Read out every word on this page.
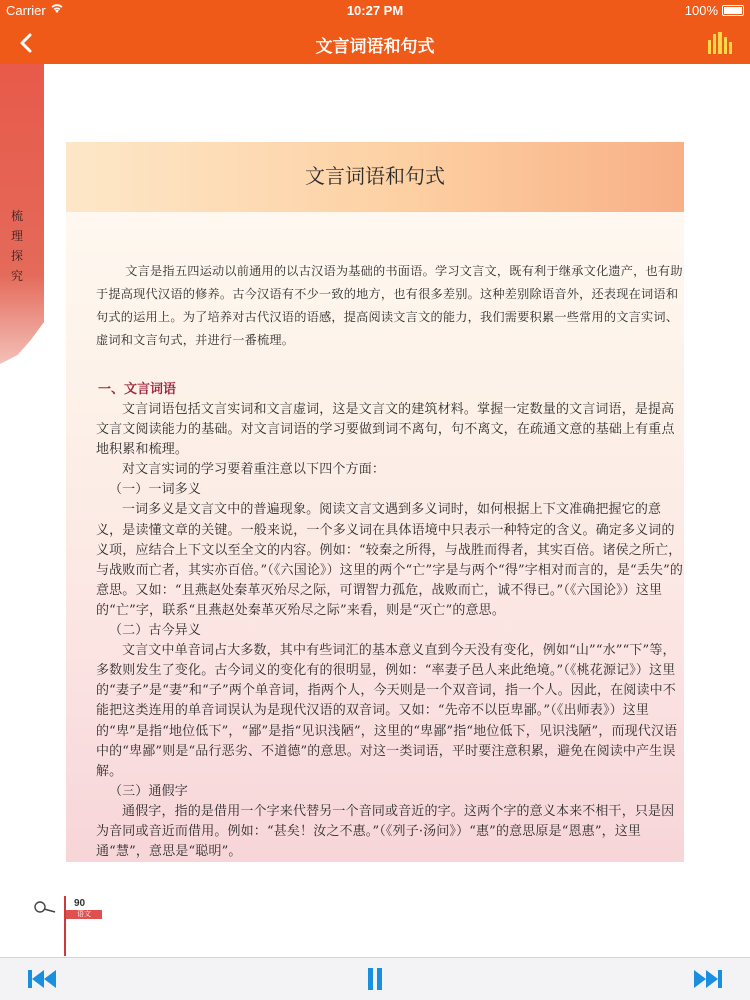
Carrier	10:27 PM	100%
文言词语和句式
梳
理
探
究
文言词语和句式

文言是指五四运动以前通用的以古汉语为基础的书面语。学习文言文，既有利于继承文化遗产，也有助于提高现代汉语的修养。古今汉语有不少一致的地方，也有很多差别。这种差别除语音外，还表现在词语和句式的运用上。为了培养对古代汉语的语感，提高阅读文言文的能力，我们需要积累一些常用的文言实词、虚词和文言句式，并进行一番梳理。

一、文言词语

文言词语包括文言实词和文言虚词，这是文言文的建筑材料。掌握一定数量的文言词语，是提高文言文阅读能力的基础。对文言词语的学习要做到词不离句，句不离文，在疏通文意的基础上有重点地积累和梳理。

对文言实词的学习要着重注意以下四个方面：

（一）一词多义

一词多义是文言文中的普遍现象。阅读文言文遇到多义词时，如何根据上下文准确把握它的意义，是读懂文章的关键。一般来说，一个多义词在具体语境中只表示一种特定的含义。确定多义词的义项，应结合上下文以至全文的内容。例如：“较秦之所得，与战胜而得者，其实百倍。诸侯之所亡，与战败而亡者，其实亦百倍。”（《六国论》）这里的两个“亡”字是与两个“得”字相对而言的，是“丢失”的意思。又如：“且燕赵处秦革灭殆尽之际，可谓智力孤危，战败而亡，诚不得已。”（《六国论》）这里的“亡”字，联系“且燕赵处秦革灭殆尽之际”来看，则是“灭亡”的意思。

（二）古今异义

文言文中单音词占大多数，其中有些词汇的基本意义直到今天没有变化，例如“山”“水”“下”等，多数则发生了变化。古今词义的变化有的很明显，例如：“率妻子邑人来此绝境。”（《桃花源记》）这里的“妻子”是“妻”和“子”两个单音词，指两个人，今天则是一个双音词，指一个人。因此，在阅读中不能把这类连用的单音词误认为是现代汉语的双音词。又如：“先帝不以臣卑鄙。”（《出师表》）这里的“卑”是指“地位低下”，“鄙”是指“见识浅陋”，这里的“卑鄙”指“地位低下，见识浅陋”，而现代汉语中的“卑鄙”则是“品行恶劣、不道德”的意思。对这一类词语，平时要注意积累，避免在阅读中产生误解。

（三）通假字

通假字，指的是借用一个字来代替另一个音同或音近的字。这两个字的意义本来不相干，只是因为音同或音近而借用。例如：“甚矣！汝之不惠。”（《列子·汤问》）“惠”的意思原是“恩惠”，这里通“慧”，意思是“聪明”。

90
语文
